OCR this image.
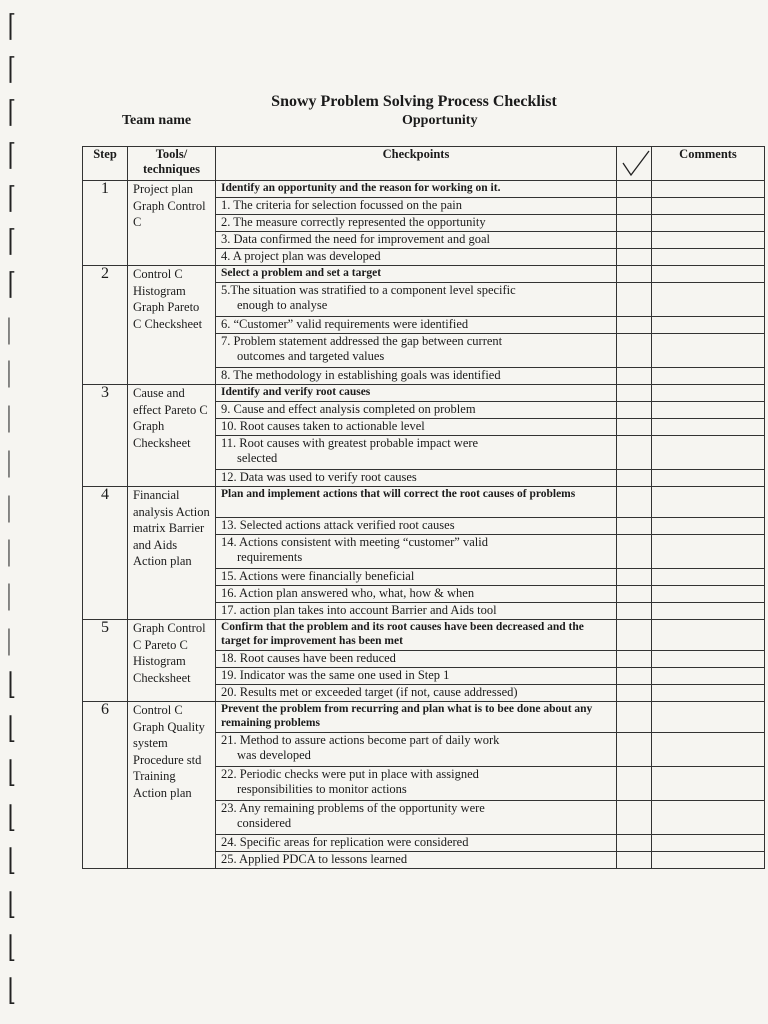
⌈
⌈
⌈
⌈
⌈
⌈
⌈
|
|
|
|
|
|
|
|
⌊
⌊
⌊
⌊
⌊
⌊
⌊
⌊
Snowy Problem Solving Process Checklist
Team name	Opportunity
Step	Tools/ techniques	Checkpoints		Comments
1	Project plan Graph Control C	Identify an opportunity and the reason for working on it.		
		1. The criteria for selection focussed on the pain		
		2. The measure correctly represented the opportunity		
		3. Data confirmed the need for improvement and goal		
		4. A project plan was developed		
2	Control C Histogram Graph Pareto C Checksheet	Select a problem and set a target		
		5.The situation was stratified to a component level specific
enough to analyse		

		6. “Customer” valid requirements were identified		
		7. Problem statement addressed the gap between current
outcomes and targeted values		

		8. The methodology in establishing goals was identified		
3	Cause and effect Pareto C Graph Checksheet	Identify and verify root causes		
		9. Cause and effect analysis completed on problem		
		10. Root causes taken to actionable level		
		11. Root causes with greatest probable impact were
selected		

		12. Data was used to verify root causes		
4	Financial analysis Action matrix Barrier and Aids Action plan	Plan and implement actions that will correct the root causes of problems		
		13. Selected actions attack verified root causes		
		14. Actions consistent with meeting “customer” valid
requirements		

		15. Actions were financially beneficial		
		16. Action plan answered who, what, how & when		
		17. action plan takes into account Barrier and Aids tool		
5	Graph Control C Pareto C Histogram Checksheet	Confirm that the problem and its root causes have been decreased and the target for improvement has been met		
		18. Root causes have been reduced		
		19. Indicator was the same one used in Step 1		
		20. Results met or exceeded target (if not, cause addressed)		
6	Control C Graph Quality system Procedure std Training Action plan	Prevent the problem from recurring and plan what is to bee done about any remaining problems		
		21. Method to assure actions become part of daily work
was developed		

		22. Periodic checks were put in place with assigned
responsibilities to monitor actions		

		23. Any remaining problems of the opportunity were
considered		

		24. Specific areas for replication were considered		
		25. Applied PDCA to lessons learned		
